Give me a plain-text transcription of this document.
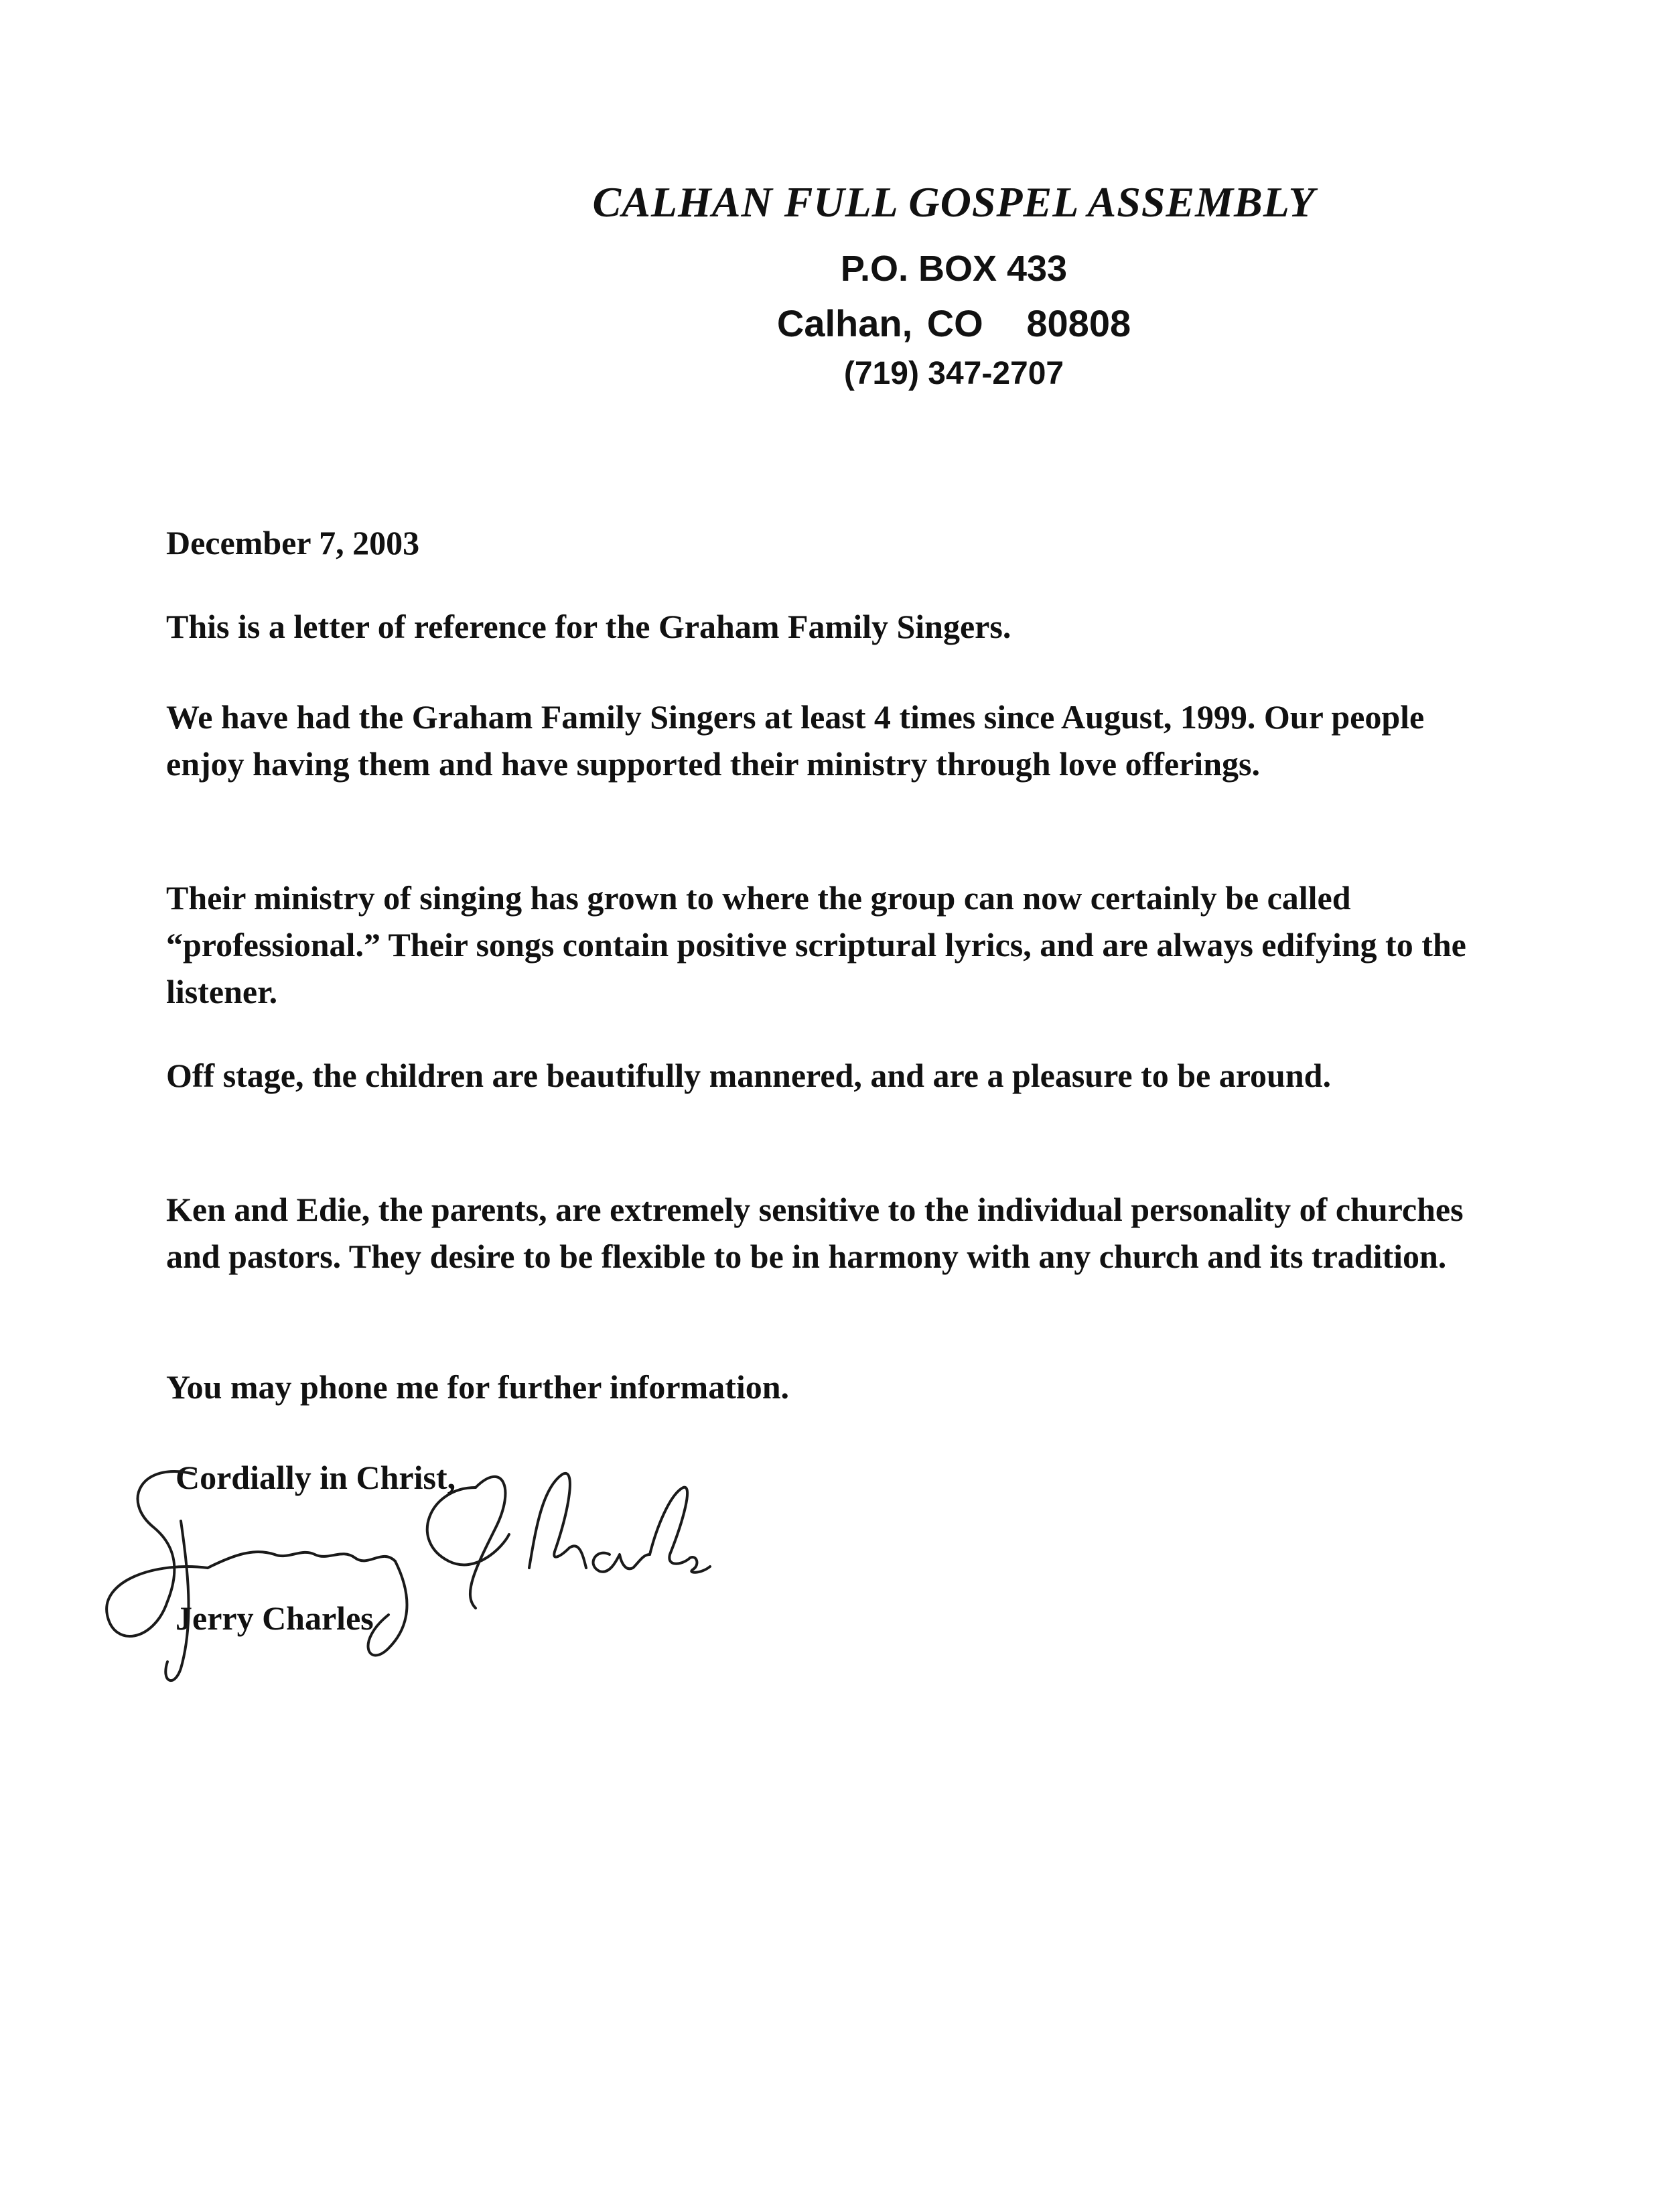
CALHAN FULL GOSPEL ASSEMBLY
P.O. BOX 433
Calhan, CO   80808
(719) 347-2707

December 7, 2003

This is a letter of reference for the Graham Family Singers.

We have had the Graham Family Singers at least 4 times since August, 1999. Our people enjoy having them and have supported their ministry through love offerings.

Their ministry of singing has grown to where the group can now certainly be called “professional.” Their songs contain positive scriptural lyrics, and are always edifying to the listener.

Off stage, the children are beautifully mannered, and are a pleasure to be around.

Ken and Edie, the parents, are extremely sensitive to the individual personality of churches and pastors. They desire to be flexible to be in harmony with any church and its tradition.

You may phone me for further information.

Cordially in Christ,

Jerry Charles
